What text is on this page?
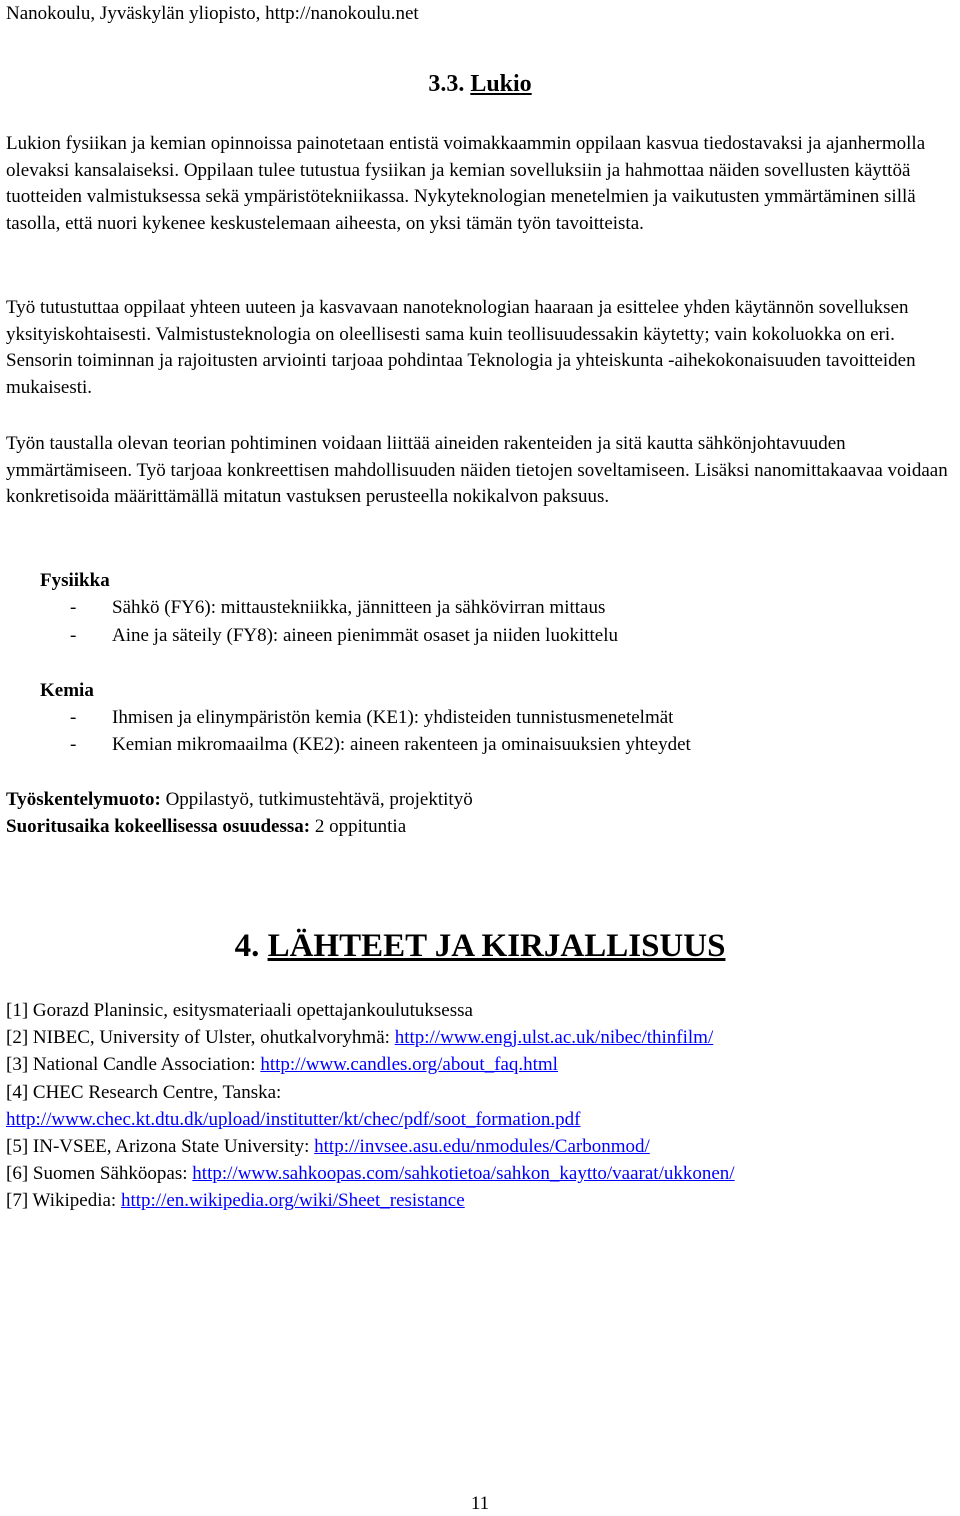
Nanokoulu, Jyväskylän yliopisto, http://nanokoulu.net
3.3. Lukio

Lukion fysiikan ja kemian opinnoissa painotetaan entistä voimakkaammin oppilaan kasvua tiedostavaksi ja ajanhermolla olevaksi kansalaiseksi. Oppilaan tulee tutustua fysiikan ja kemian sovelluksiin ja hahmottaa näiden sovellusten käyttöä tuotteiden valmistuksessa sekä ympäristötekniikassa. Nykyteknologian menetelmien ja vaikutusten ymmärtäminen sillä tasolla, että nuori kykenee keskustelemaan aiheesta, on yksi tämän työn tavoitteista.

Työ tutustuttaa oppilaat yhteen uuteen ja kasvavaan nanoteknologian haaraan ja esittelee yhden käytännön sovelluksen yksityiskohtaisesti. Valmistusteknologia on oleellisesti sama kuin teollisuudessakin käytetty; vain kokoluokka on eri. Sensorin toiminnan ja rajoitusten arviointi tarjoaa pohdintaa Teknologia ja yhteiskunta -aihekokonaisuuden tavoitteiden mukaisesti.

Työn taustalla olevan teorian pohtiminen voidaan liittää aineiden rakenteiden ja sitä kautta sähkönjohtavuuden ymmärtämiseen. Työ tarjoaa konkreettisen mahdollisuuden näiden tietojen soveltamiseen. Lisäksi nanomittakaavaa voidaan konkretisoida määrittämällä mitatun vastuksen perusteella nokikalvon paksuus.

Fysiikka
- Sähkö (FY6): mittaustekniikka, jännitteen ja sähkövirran mittaus
- Aine ja säteily (FY8): aineen pienimmät osaset ja niiden luokittelu
Kemia
- Ihmisen ja elinympäristön kemia (KE1): yhdisteiden tunnistusmenetelmät
- Kemian mikromaailma (KE2): aineen rakenteen ja ominaisuuksien yhteydet
Työskentelymuoto: Oppilastyö, tutkimustehtävä, projektityö
Suoritusaika kokeellisessa osuudessa: 2 oppituntia
4. LÄHTEET JA KIRJALLISUUS
[1] Gorazd Planinsic, esitysmateriaali opettajankoulutuksessa
[2] NIBEC, University of Ulster, ohutkalvoryhmä: http://www.engj.ulst.ac.uk/nibec/thinfilm/
[3] National Candle Association: http://www.candles.org/about_faq.html
[4] CHEC Research Centre, Tanska:
http://www.chec.kt.dtu.dk/upload/institutter/kt/chec/pdf/soot_formation.pdf
[5] IN-VSEE, Arizona State University: http://invsee.asu.edu/nmodules/Carbonmod/
[6] Suomen Sähköopas: http://www.sahkoopas.com/sahkotietoa/sahkon_kaytto/vaarat/ukkonen/
[7] Wikipedia: http://en.wikipedia.org/wiki/Sheet_resistance
11
